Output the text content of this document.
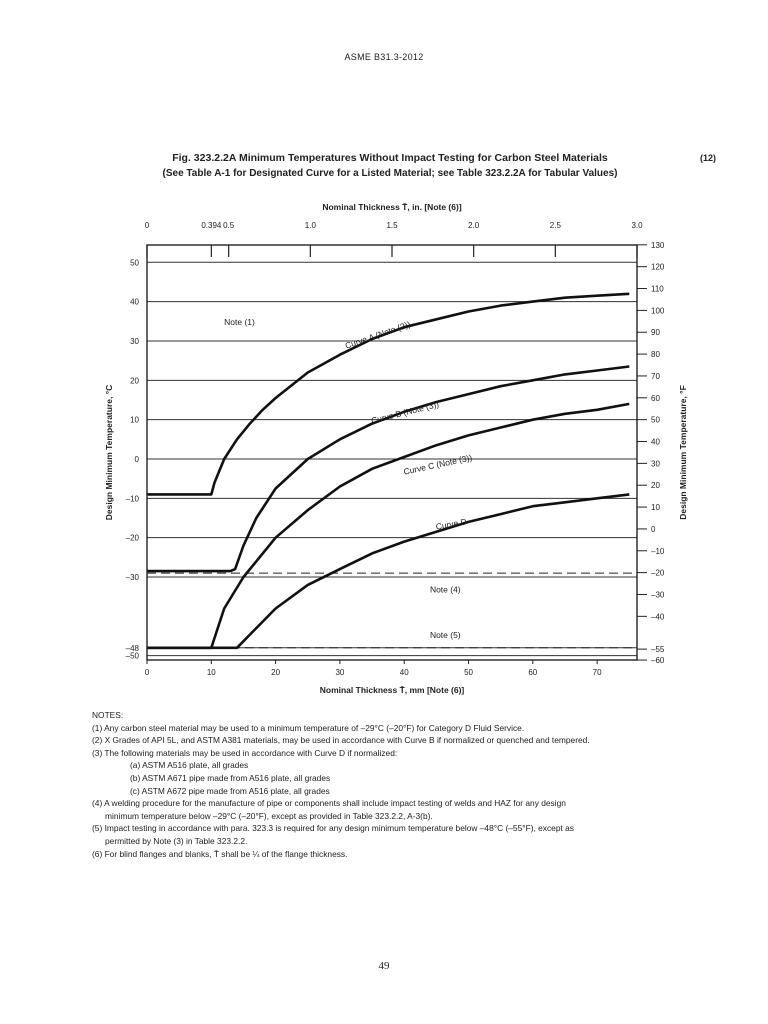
ASME B31.3-2012
Fig. 323.2.2A Minimum Temperatures Without Impact Testing for Carbon Steel Materials	(12)
(See Table A-1 for Designated Curve for a Listed Material; see Table 323.2.2A for Tabular Values)
50
40
30
20
10
0
–10
–20
–30
–48
–50
Design Minimum Temperature, °C
0	10	20	30	40	50	60	70
Nominal Thickness T̄, mm [Note (6)]
0	0.394 0.5	1.0	1.5	2.0	2.5	3.0
Nominal Thickness T̄, in. [Note (6)]
130
120
110
100
90
80
70
60
50
40
30
20
10
0
–10
–20
–30
–40
–55
–60
Design Minimum Temperature, °F
Note (1)	Curve A (Note (2))
Curve B (Note (3))
Curve C (Note (3))
Curve D
Note (4)
Note (5)
NOTES:
(1) Any carbon steel material may be used to a minimum temperature of –29°C (–20°F) for Category D Fluid Service.
(2) X Grades of API 5L, and ASTM A381 materials, may be used in accordance with Curve B if normalized or quenched and tempered.
(3) The following materials may be used in accordance with Curve D if normalized:
(a) ASTM A516 plate, all grades
(b) ASTM A671 pipe made from A516 plate, all grades
(c) ASTM A672 pipe made from A516 plate, all grades
(4) A welding procedure for the manufacture of pipe or components shall include impact testing of welds and HAZ for any design
minimum temperature below –29°C (–20°F), except as provided in Table 323.2.2, A-3(b).
(5) Impact testing in accordance with para. 323.3 is required for any design minimum temperature below –48°C (–55°F), except as
permitted by Note (3) in Table 323.2.2.
(6) For blind flanges and blanks, T̄ shall be ¼ of the flange thickness.
49
